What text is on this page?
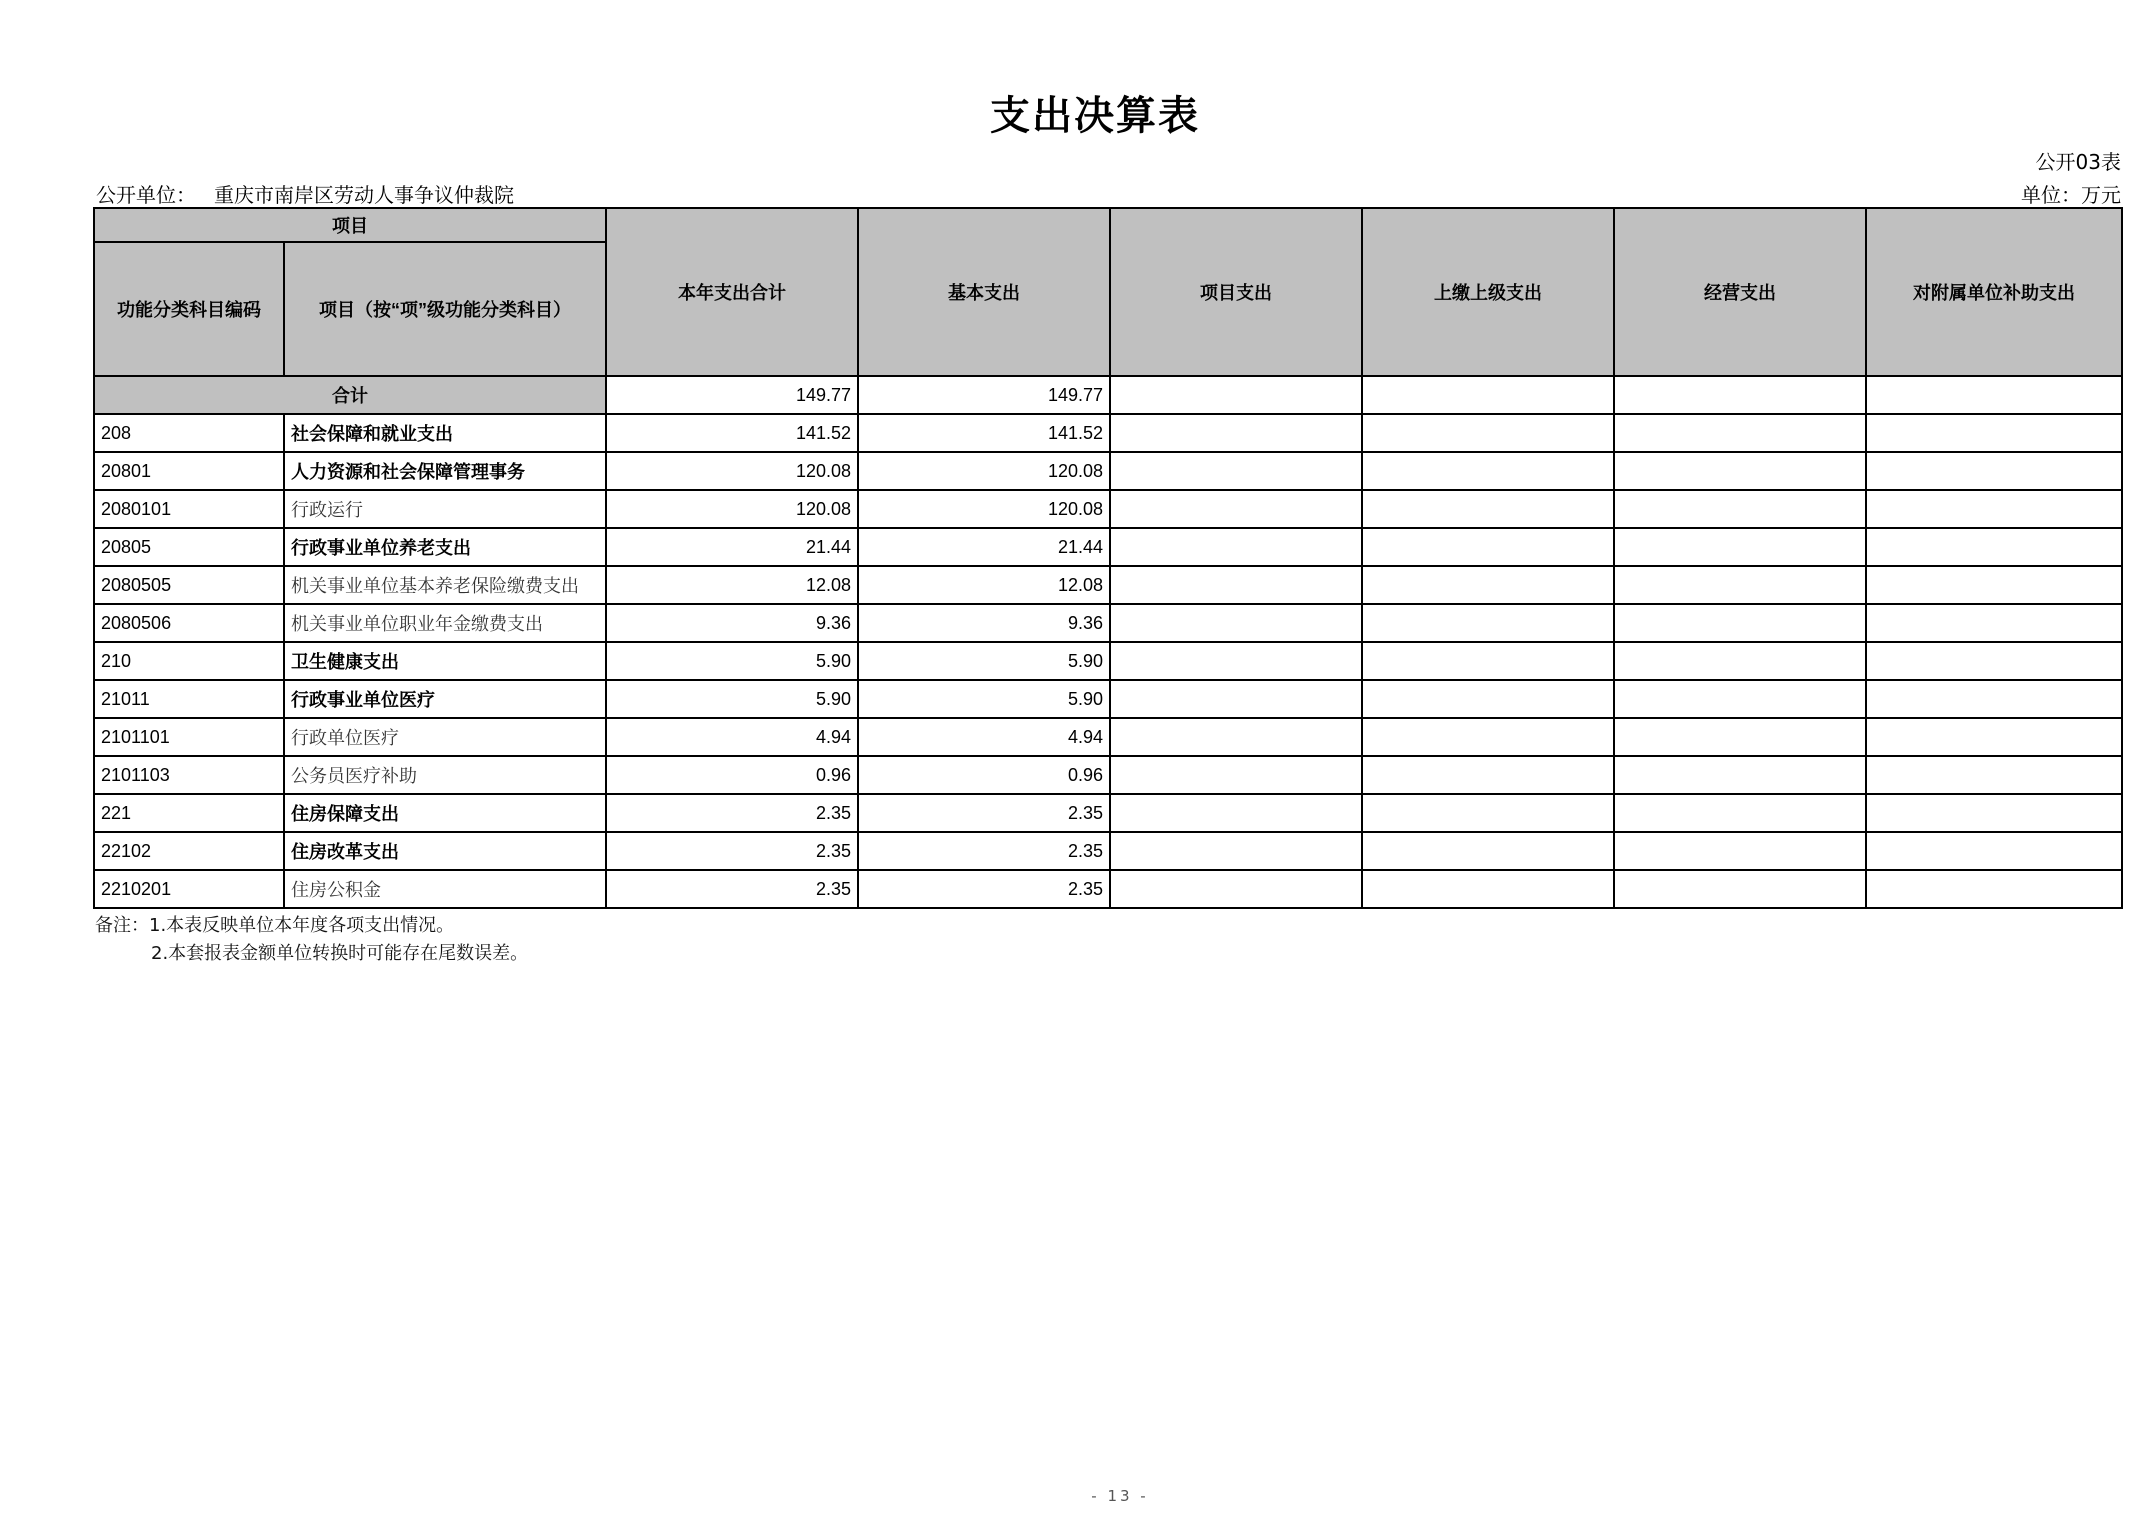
支出决算表
公开03表
公开单位： 重庆市南岸区劳动人事争议仲裁院	单位：万元
项目		本年支出合计	基本支出	项目支出	上缴上级支出	经营支出	对附属单位补助支出
功能分类科目编码	项目（按“项”级功能分类科目）						
合计		149.77	149.77				
208	社会保障和就业支出	141.52	141.52				
20801	人力资源和社会保障管理事务	120.08	120.08				
2080101	行政运行	120.08	120.08				
20805	行政事业单位养老支出	21.44	21.44				
2080505	机关事业单位基本养老保险缴费支出	12.08	12.08				
2080506	机关事业单位职业年金缴费支出	9.36	9.36				
210	卫生健康支出	5.90	5.90				
21011	行政事业单位医疗	5.90	5.90				
2101101	行政单位医疗	4.94	4.94				
2101103	公务员医疗补助	0.96	0.96				
221	住房保障支出	2.35	2.35				
22102	住房改革支出	2.35	2.35				
2210201	住房公积金	2.35	2.35				
备注：1.本表反映单位本年度各项支出情况。
2.本套报表金额单位转换时可能存在尾数误差。
- 13 -
